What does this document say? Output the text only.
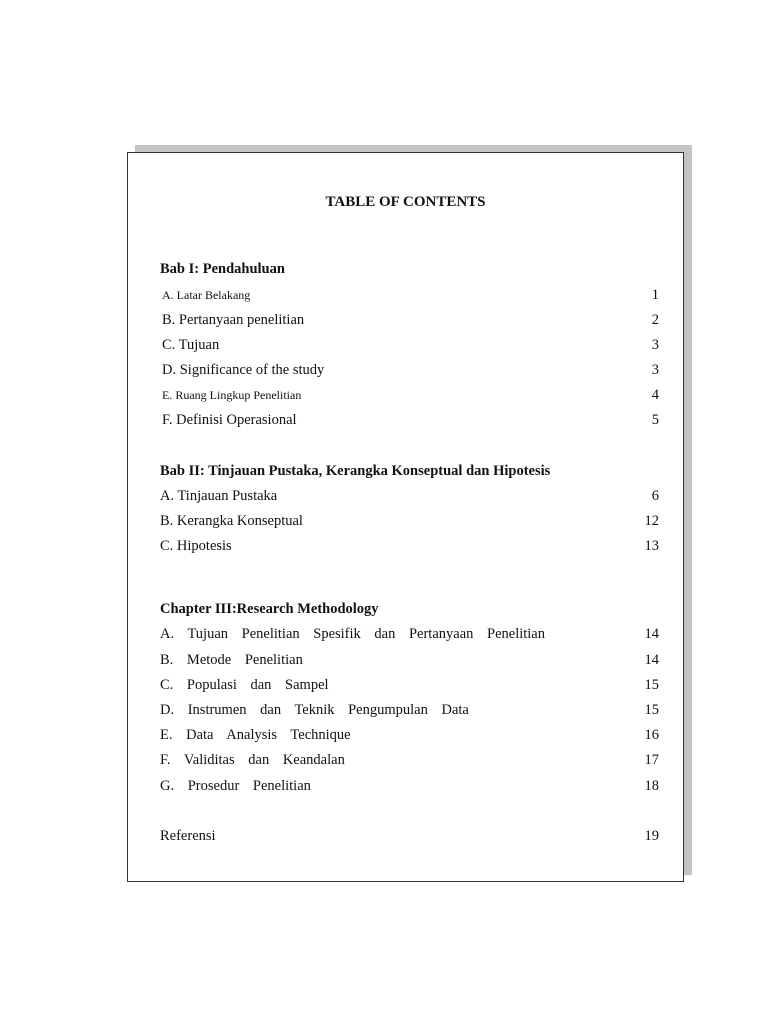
TABLE OF CONTENTS
Bab I: Pendahuluan
A. Latar Belakang	1
B. Pertanyaan penelitian	2
C. Tujuan	3
D. Significance of the study	3
E. Ruang Lingkup Penelitian	4
F. Definisi Operasional	5
Bab II: Tinjauan Pustaka, Kerangka Konseptual dan Hipotesis
A. Tinjauan Pustaka	6
B. Kerangka Konseptual	12
C. Hipotesis	13
Chapter III:Research Methodology
A. Tujuan Penelitian Spesifik dan Pertanyaan Penelitian	14
B. Metode Penelitian	14
C. Populasi dan Sampel	15
D. Instrumen dan Teknik Pengumpulan Data	15
E. Data Analysis Technique	16
F. Validitas dan Keandalan	17
G. Prosedur Penelitian	18
Referensi	19
